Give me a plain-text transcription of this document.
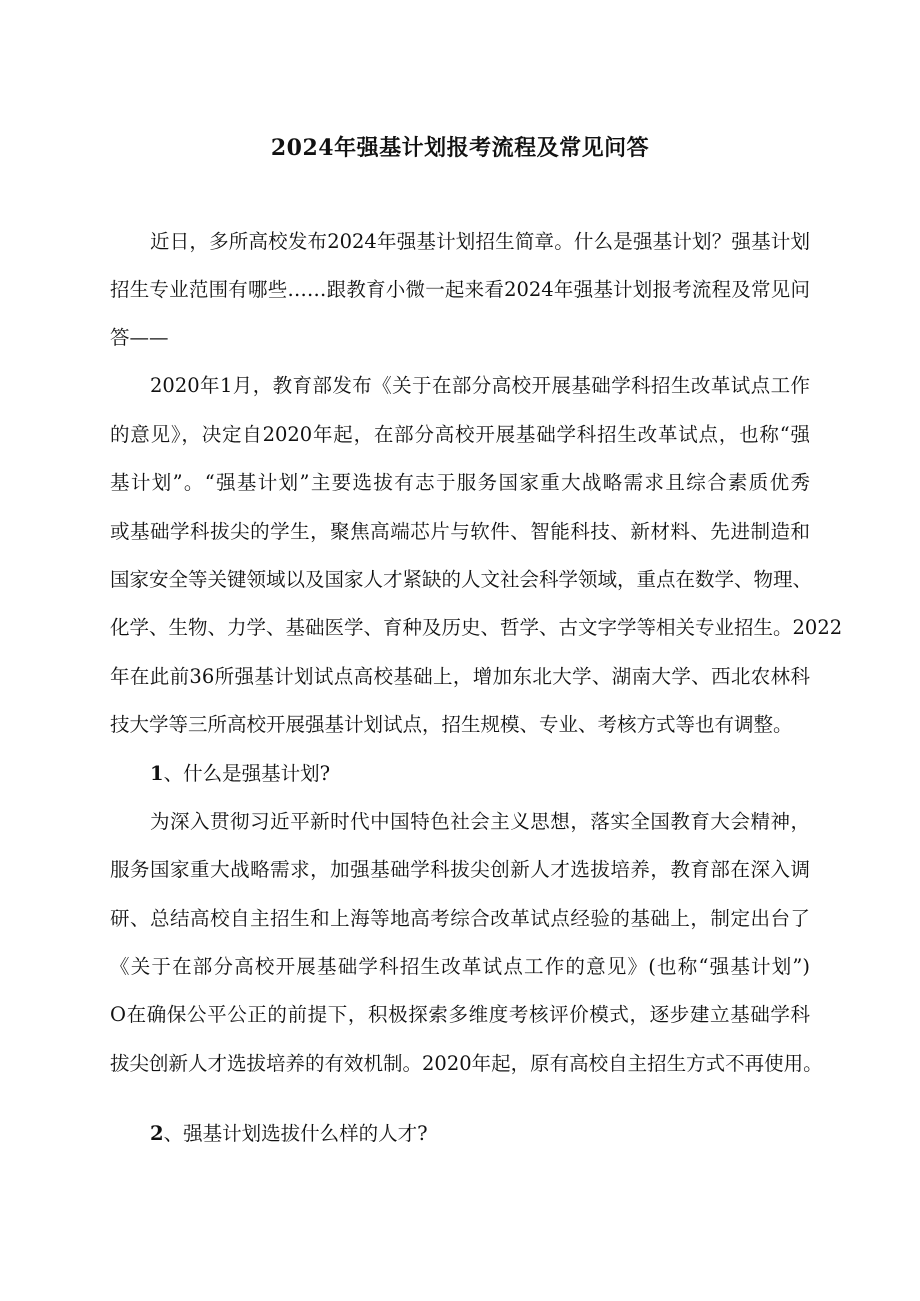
2024年强基计划报考流程及常见问答
近日，多所高校发布2024年强基计划招生简章。什么是强基计划？强基计划
招生专业范围有哪些……跟教育小微一起来看2024年强基计划报考流程及常见问
答——
2020年1月，教育部发布《关于在部分高校开展基础学科招生改革试点工作
的意见》，决定自2020年起，在部分高校开展基础学科招生改革试点，也称“强
基计划”。“强基计划”主要选拔有志于服务国家重大战略需求且综合素质优秀
或基础学科拔尖的学生，聚焦高端芯片与软件、智能科技、新材料、先进制造和
国家安全等关键领域以及国家人才紧缺的人文社会科学领域，重点在数学、物理、
化学、生物、力学、基础医学、育种及历史、哲学、古文字学等相关专业招生。2022
年在此前36所强基计划试点高校基础上，增加东北大学、湖南大学、西北农林科
技大学等三所高校开展强基计划试点，招生规模、专业、考核方式等也有调整。
1、什么是强基计划?
为深入贯彻习近平新时代中国特色社会主义思想，落实全国教育大会精神，
服务国家重大战略需求，加强基础学科拔尖创新人才选拔培养，教育部在深入调
研、总结高校自主招生和上海等地高考综合改革试点经验的基础上，制定出台了
《关于在部分高校开展基础学科招生改革试点工作的意见》(也称“强基计划”)
O在确保公平公正的前提下，积极探索多维度考核评价模式，逐步建立基础学科
拔尖创新人才选拔培养的有效机制。2020年起，原有高校自主招生方式不再使用。
2、强基计划选拔什么样的人才?
